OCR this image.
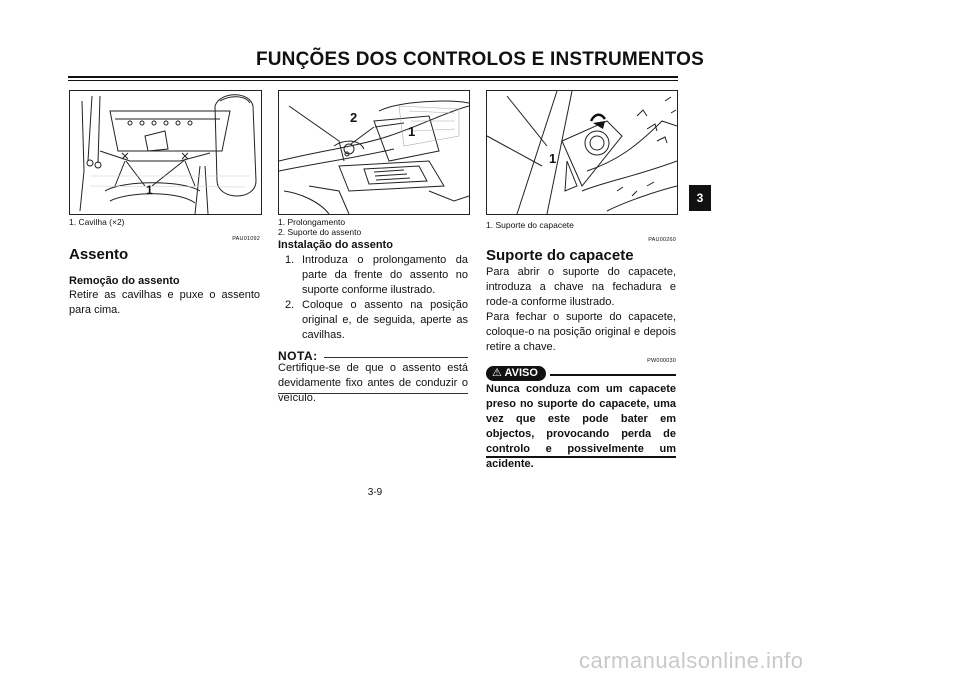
FUNÇÕES DOS CONTROLOS E INSTRUMENTOS
3
1
1. Cavilha (×2)
PAU01092
Assento
Remoção do assento
Retire as cavilhas e puxe o assento para cima.
2
1
1. Prolongamento
2. Suporte do assento
Instalação do assento
1. Introduza o prolongamento da parte da frente do assento no suporte conforme ilustrado.
2. Coloque o assento na posição original e, de seguida, aperte as cavilhas.
NOTA:
Certifique-se de que o assento está devidamente fixo antes de conduzir o veículo.
1
1. Suporte do capacete
PAU00260
Suporte do capacete
Para abrir o suporte do capacete, introduza a chave na fechadura e rode-a conforme ilustrado.
Para fechar o suporte do capacete, coloque-o na posição original e depois retire a chave.
PW000030
⚠ AVISO
Nunca conduza com um capacete preso no suporte do capacete, uma vez que este pode bater em objectos, provocando perda de controlo e possivelmente um acidente.
3-9
carmanualsonline.info
